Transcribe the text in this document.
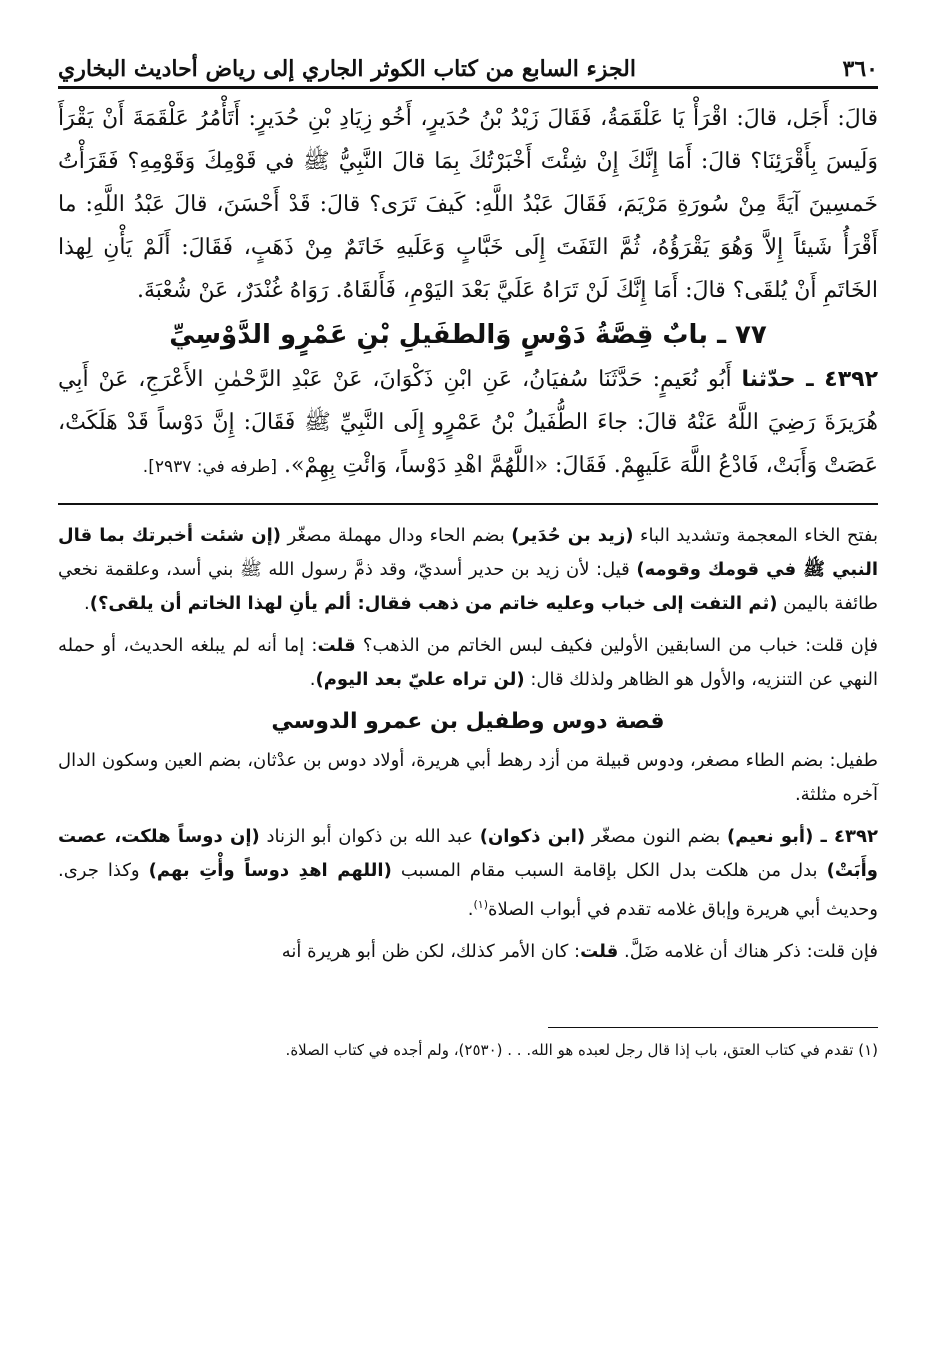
٣٦٠
الجزء السابع من كتاب الكوثر الجاري إلى رياض أحاديث البخاري
قالَ: أَجَل، قالَ: اقْرَأْ يَا عَلْقَمَةُ، فَقَالَ زَيْدُ بْنُ حُدَيرٍ، أَخُو زِيَادِ بْنِ حُدَيرٍ: أَتَأْمُرُ عَلْقَمَةَ أَنْ يَقْرَأَ وَلَيسَ بِأَقْرَئِنَا؟ قالَ: أَمَا إِنَّكَ إِنْ شِئْتَ أَخْبَرْتُكَ بِمَا قالَ النَّبِيُّ ﷺ في قَوْمِكَ وَقَوْمِهِ؟ فَقَرَأْتُ خَمسِينَ آيَةً مِنْ سُورَةِ مَرْيَمَ، فَقَالَ عَبْدُ اللَّهِ: كَيفَ تَرَى؟ قالَ: قَدْ أَحْسَنَ، قالَ عَبْدُ اللَّهِ: ما أَقْرَأُ شَيئاً إِلاَّ وَهُوَ يَقْرَؤُهُ، ثُمَّ التَفَتَ إِلَى خَبَّابٍ وَعَلَيهِ خَاتَمٌ مِنْ ذَهَبٍ، فَقَالَ: أَلَمْ يَأْنِ لِهذا الخَاتَمِ أَنْ يُلقَى؟ قالَ: أَمَا إِنَّكَ لَنْ تَرَاهُ عَلَيَّ بَعْدَ اليَوْمِ، فَأَلقَاهُ. رَوَاهُ غُنْدَرٌ، عَنْ شُعْبَةَ.
٧٧ ـ بابٌ قِصَّةُ دَوْسٍ وَالطفَيلِ بْنِ عَمْرٍو الدَّوْسِيِّ
٤٣٩٢ ـ حدّثنا أَبُو نُعَيمٍ: حَدَّثَنَا سُفيَانُ، عَنِ ابْنِ ذَكْوَانَ، عَنْ عَبْدِ الرَّحْمٰنِ الأَعْرَجِ، عَنْ أَبِي هُرَيرَةَ رَضِيَ اللَّهُ عَنْهُ قالَ: جاءَ الطُّفَيلُ بْنُ عَمْرٍو إِلَى النَّبِيِّ ﷺ فَقَالَ: إِنَّ دَوْساً قَدْ هَلَكَتْ، عَصَتْ وَأَبَتْ، فَادْعُ اللَّهَ عَلَيهِمْ. فَقَالَ: «اللَّهُمَّ اهْدِ دَوْساً، وَائْتِ بِهِمْ». [طرفه في: ٢٩٣٧].

بفتح الخاء المعجمة وتشديد الباء (زيد بن حُدَير) بضم الحاء ودال مهملة مصغّر (إن شئت أخبرتك بما قال النبي ﷺ في قومك وقومه) قيل: لأن زيد بن حدير أسديّ، وقد ذمَّ رسول الله ﷺ بني أسد، وعلقمة نخعي طائفة باليمن (ثم التفت إلى خباب وعليه خاتم من ذهب فقال: ألم يأنِ لهذا الخاتم أن يلقى؟).

فإن قلت: خباب من السابقين الأولين فكيف لبس الخاتم من الذهب؟ قلت: إما أنه لم يبلغه الحديث، أو حمله النهي عن التنزيه، والأول هو الظاهر ولذلك قال: (لن تراه عليّ بعد اليوم).

قصة دوس وطفيل بن عمرو الدوسي

طفيل: بضم الطاء مصغر، ودوس قبيلة من أزد رهط أبي هريرة، أولاد دوس بن عدْثان، بضم العين وسكون الدال آخره مثلثة.

٤٣٩٢ ـ (أبو نعيم) بضم النون مصغّر (ابن ذكوان) عبد الله بن ذكوان أبو الزناد (إن دوساً هلكت، عصت وأَبَتْ) بدل من هلكت بدل الكل بإقامة السبب مقام المسبب (اللهم اهدِ دوساً وأْتِ بهم) وكذا جرى. وحديث أبي هريرة وإباق غلامه تقدم في أبواب الصلاة$^{(١)}$.

فإن قلت: ذكر هناك أن غلامه ضَلَّ. قلت: كان الأمر كذلك، لكن ظن أبو هريرة أنه

(١) تقدم في كتاب العتق، باب إذا قال رجل لعبده هو الله. . . (٢٥٣٠)، ولم أجده في كتاب الصلاة.
